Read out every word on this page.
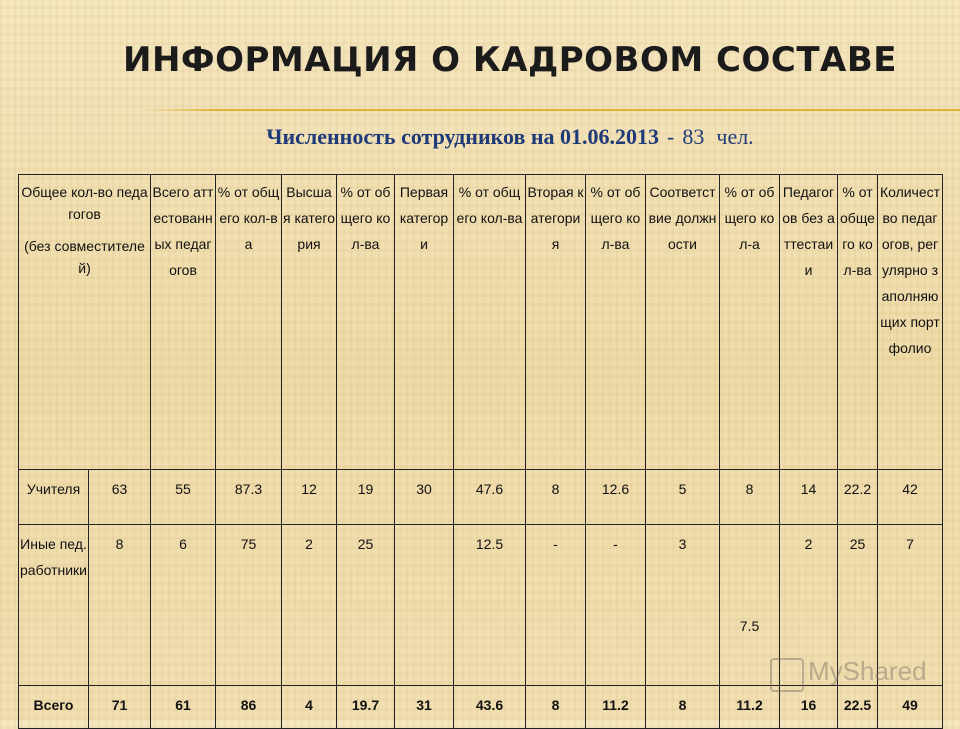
ИНФОРМАЦИЯ О КАДРОВОМ СОСТАВЕ
Численность сотрудников на 01.06.2013 - 83 чел.
Общее кол-во педагогов
(без совместителей)		Всего аттестованных педагогов	% от общего кол-ва	Высшая категория	% от общего кол-ва	Первая категори	% от общего кол-ва	Вторая категория	% от общего кол-ва	Соответствие должности	% от общего кол-а	Педагогов без аттестаии	% от общего кол-ва	Количество педагогов, регулярно заполняющих портфолио
Учителя	63	55	87.3	12	19	30	47.6	8	12.6	5	8	14	22.2	42
Иные пед. работники	8	6	75	2	25		12.5	-	-	3	7.5	2	25	7
Всего	71	61	86	4	19.7	31	43.6	8	11.2	8	11.2	16	22.5	49
MyShared
